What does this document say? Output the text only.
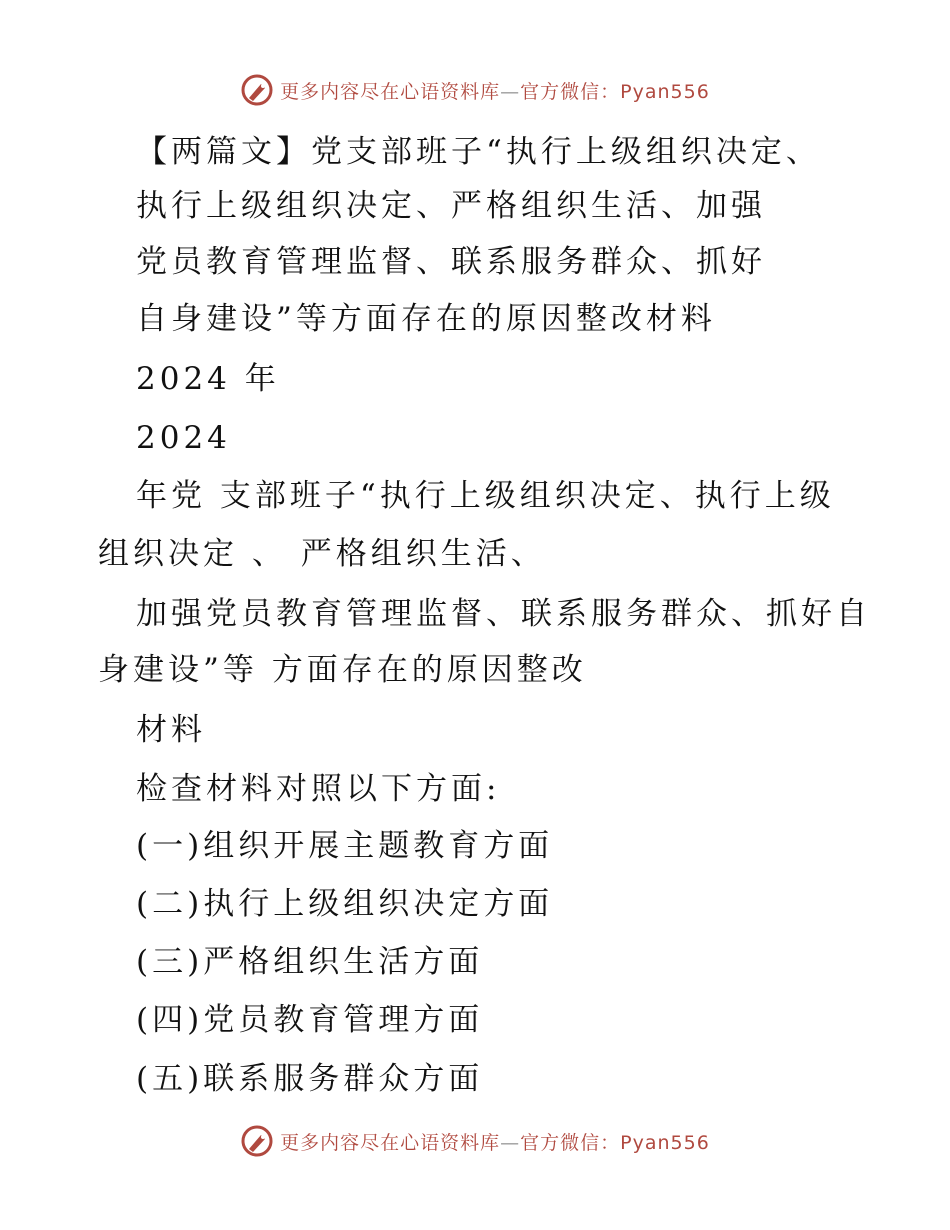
更多内容尽在心语资料库—官方微信：Pyan556
【两篇文】党支部班子“执行上级组织决定、
执行上级组织决定、严格组织生活、加强
党员教育管理监督、联系服务群众、抓好
自身建设”等方面存在的原因整改材料
2024 年
2024
年党 支部班子“执行上级组织决定、执行上级
组织决定 、 严格组织生活、
加强党员教育管理监督、联系服务群众、抓好自
身建设”等 方面存在的原因整改
材料
检查材料对照以下方面:
(一)组织开展主题教育方面
(二)执行上级组织决定方面
(三)严格组织生活方面
(四)党员教育管理方面
(五)联系服务群众方面
更多内容尽在心语资料库—官方微信：Pyan556
